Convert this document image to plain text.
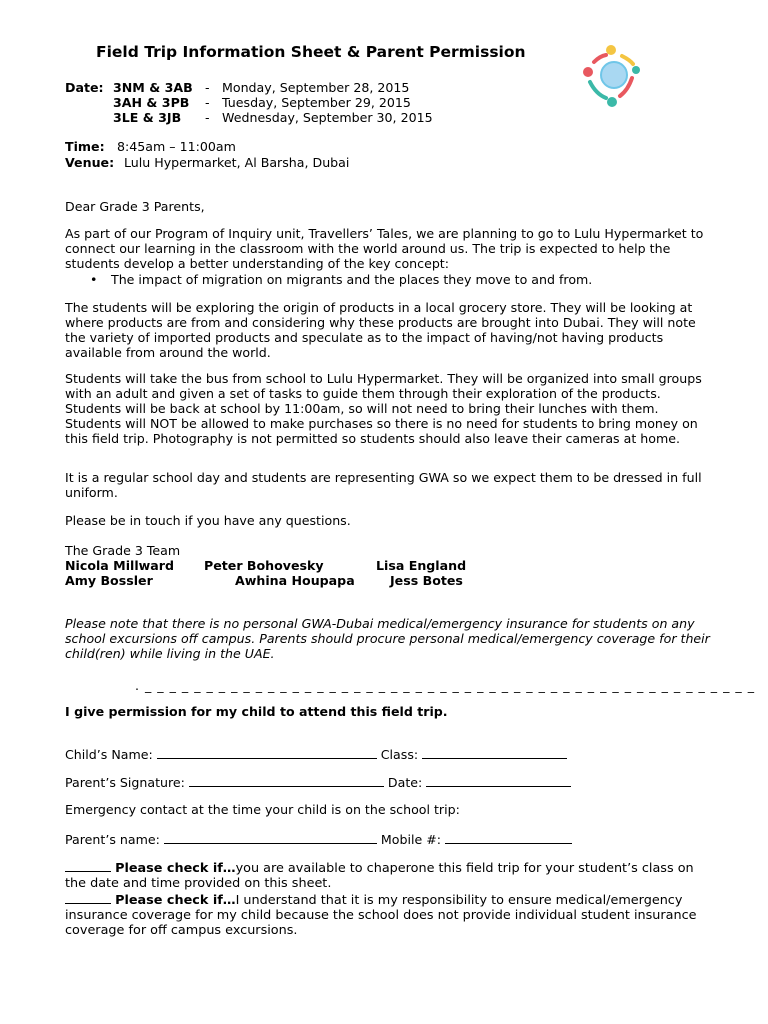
Field Trip Information Sheet & Parent Permission
Date: 3NM & 3AB - Monday, September 28, 2015
3AH & 3PB - Tuesday, September 29, 2015
3LE & 3JB - Wednesday, September 30, 2015
Time: 8:45am – 11:00am
Venue: Lulu Hypermarket, Al Barsha, Dubai
Dear Grade 3 Parents,

As part of our Program of Inquiry unit, Travellers’ Tales, we are planning to go to Lulu Hypermarket to connect our learning in the classroom with the world around us. The trip is expected to help the students develop a better understanding of the key concept:

• The impact of migration on migrants and the places they move to and from.

The students will be exploring the origin of products in a local grocery store. They will be looking at where products are from and considering why these products are brought into Dubai. They will note the variety of imported products and speculate as to the impact of having/not having products available from around the world.

Students will take the bus from school to Lulu Hypermarket. They will be organized into small groups with an adult and given a set of tasks to guide them through their exploration of the products. Students will be back at school by 11:00am, so will not need to bring their lunches with them. Students will NOT be allowed to make purchases so there is no need for students to bring money on this field trip. Photography is not permitted so students should also leave their cameras at home.

It is a regular school day and students are representing GWA so we expect them to be dressed in full uniform.

Please be in touch if you have any questions.
The Grade 3 Team
Nicola Millward Peter Bohovesky	Lisa England
Amy Bossler	Awhina Houpapa	Jess Botes

Please note that there is no personal GWA-Dubai medical/emergency insurance for students on any school excursions off campus. Parents should procure personal medical/emergency coverage for their child(ren) while living in the UAE.

. _ _ _ _ _ _ _ _ _ _ _ _ _ _ _ _ _ _ _ _ _ _ _ _ _ _ _ _ _ _ _ _ _ _ _ _ _ _ _ _ _ _ _ _ _ _ _ _ _ _
I give permission for my child to attend this field trip.
Child’s Name:	Class:
Parent’s Signature:	Date:
Emergency contact at the time your child is on the school trip:
Parent’s name:	Mobile #:

Please check if…you are available to chaperone this field trip for your student’s class on the date and time provided on this sheet.

Please check if…I understand that it is my responsibility to ensure medical/emergency insurance coverage for my child because the school does not provide individual student insurance coverage for off campus excursions.
